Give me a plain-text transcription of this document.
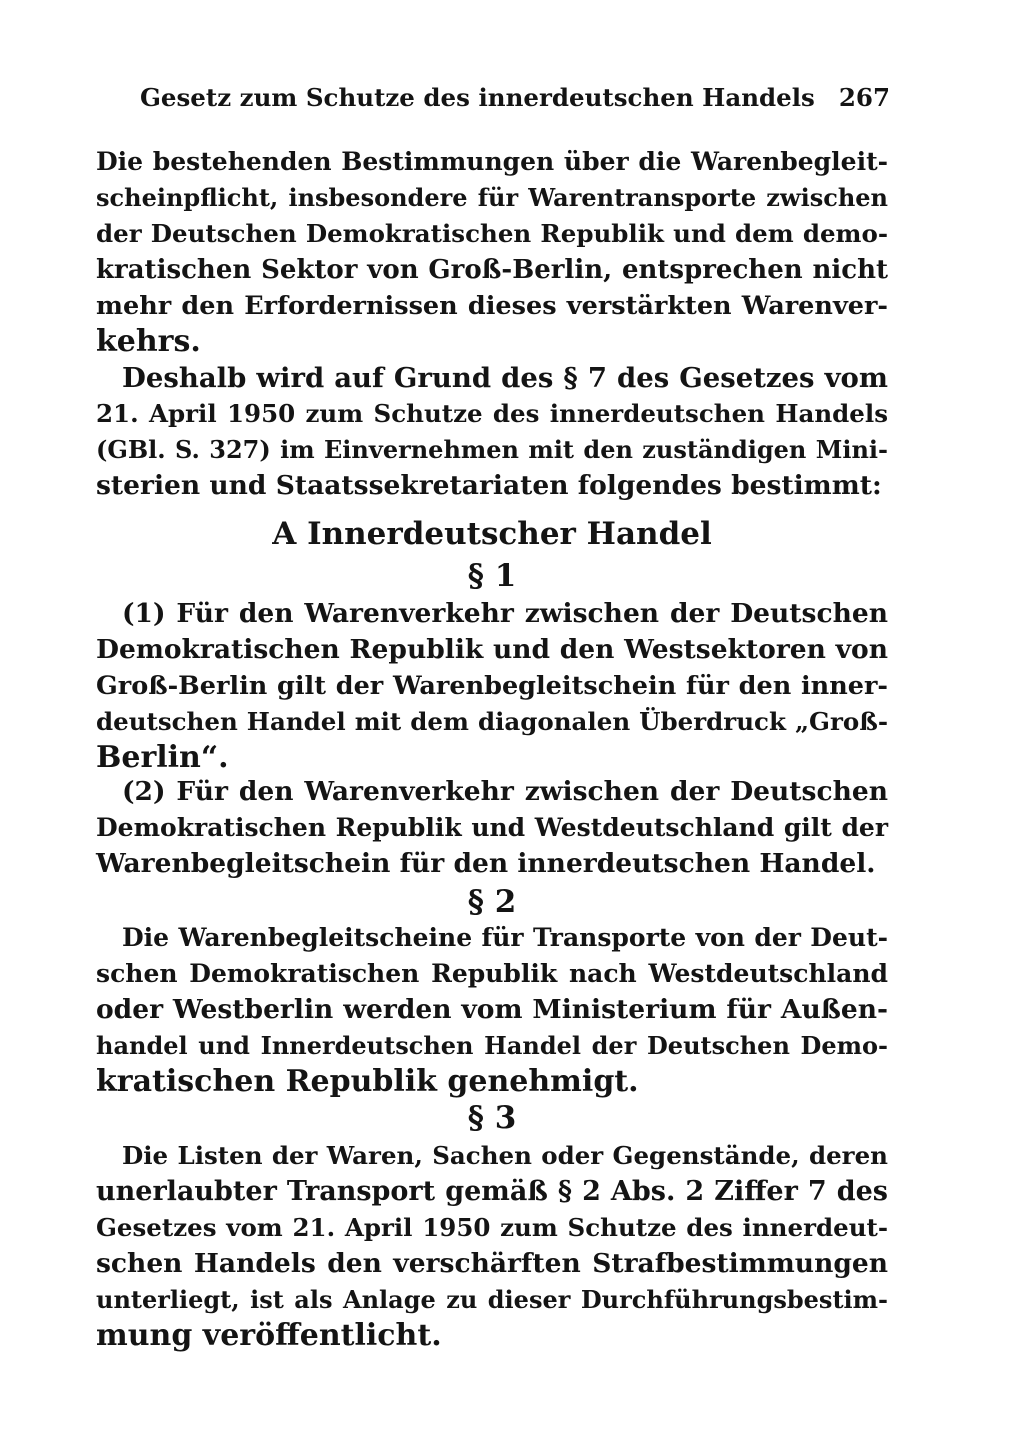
Gesetz zum Schutze des innerdeutschen Handels 267
Die bestehenden Bestimmungen über die Warenbegleit-
scheinpflicht, insbesondere für Warentransporte zwischen
der Deutschen Demokratischen Republik und dem demo-
kratischen Sektor von Groß-Berlin, entsprechen nicht
mehr den Erfordernissen dieses verstärkten Warenver-
kehrs.
Deshalb wird auf Grund des § 7 des Gesetzes vom
21. April 1950 zum Schutze des innerdeutschen Handels
(GBl. S. 327) im Einvernehmen mit den zuständigen Mini-
sterien und Staatssekretariaten folgendes bestimmt:
A Innerdeutscher Handel
§ 1
(1) Für den Warenverkehr zwischen der Deutschen
Demokratischen Republik und den Westsektoren von
Groß-Berlin gilt der Warenbegleitschein für den inner-
deutschen Handel mit dem diagonalen Überdruck „Groß-
Berlin“.
(2) Für den Warenverkehr zwischen der Deutschen
Demokratischen Republik und Westdeutschland gilt der
Warenbegleitschein für den innerdeutschen Handel.
§ 2
Die Warenbegleitscheine für Transporte von der Deut-
schen Demokratischen Republik nach Westdeutschland
oder Westberlin werden vom Ministerium für Außen-
handel und Innerdeutschen Handel der Deutschen Demo-
kratischen Republik genehmigt.
§ 3
Die Listen der Waren, Sachen oder Gegenstände, deren
unerlaubter Transport gemäß § 2 Abs. 2 Ziffer 7 des
Gesetzes vom 21. April 1950 zum Schutze des innerdeut-
schen Handels den verschärften Strafbestimmungen
unterliegt, ist als Anlage zu dieser Durchführungsbestim-
mung veröffentlicht.
